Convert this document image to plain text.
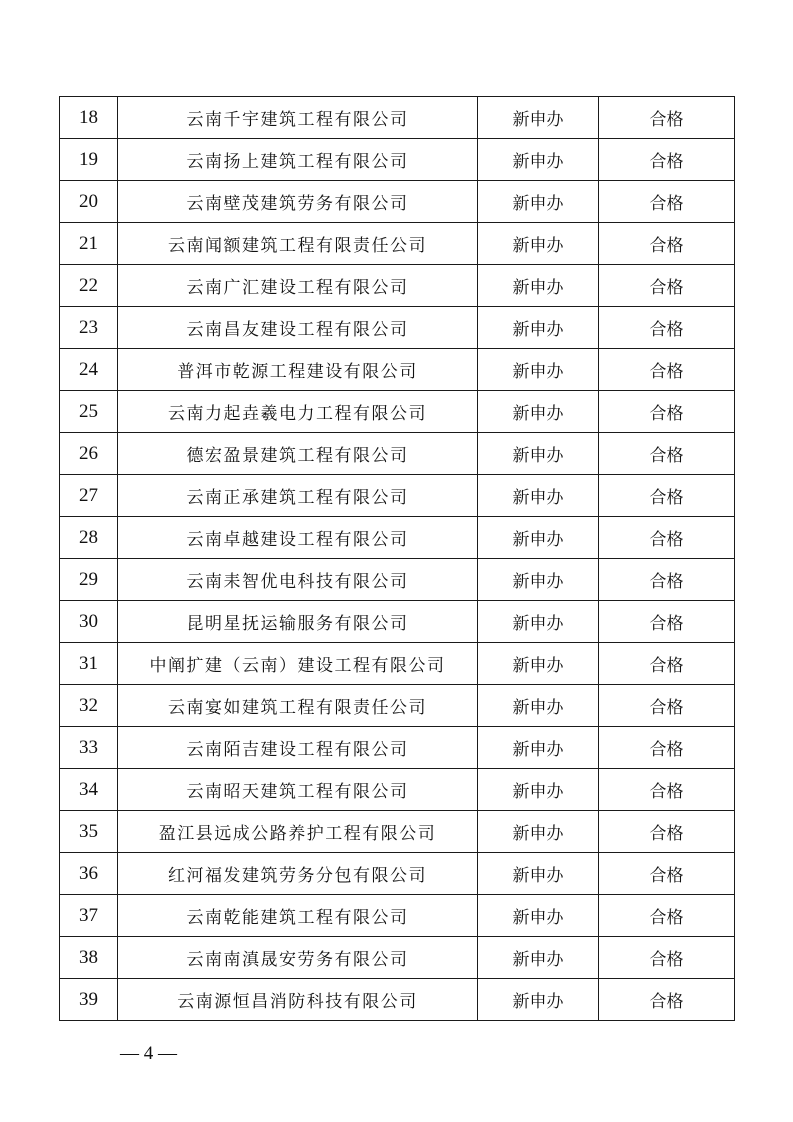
18	云南千宇建筑工程有限公司	新申办	合格
19	云南扬上建筑工程有限公司	新申办	合格
20	云南壁茂建筑劳务有限公司	新申办	合格
21	云南闻额建筑工程有限责任公司	新申办	合格
22	云南广汇建设工程有限公司	新申办	合格
23	云南昌友建设工程有限公司	新申办	合格
24	普洱市乾源工程建设有限公司	新申办	合格
25	云南力起垚羲电力工程有限公司	新申办	合格
26	德宏盈景建筑工程有限公司	新申办	合格
27	云南正承建筑工程有限公司	新申办	合格
28	云南卓越建设工程有限公司	新申办	合格
29	云南耒智优电科技有限公司	新申办	合格
30	昆明星抚运输服务有限公司	新申办	合格
31	中阐扩建（云南）建设工程有限公司	新申办	合格
32	云南宴如建筑工程有限责任公司	新申办	合格
33	云南陌吉建设工程有限公司	新申办	合格
34	云南昭天建筑工程有限公司	新申办	合格
35	盈江县远成公路养护工程有限公司	新申办	合格
36	红河福发建筑劳务分包有限公司	新申办	合格
37	云南乾能建筑工程有限公司	新申办	合格
38	云南南滇晟安劳务有限公司	新申办	合格
39	云南源恒昌消防科技有限公司	新申办	合格
— 4 —
